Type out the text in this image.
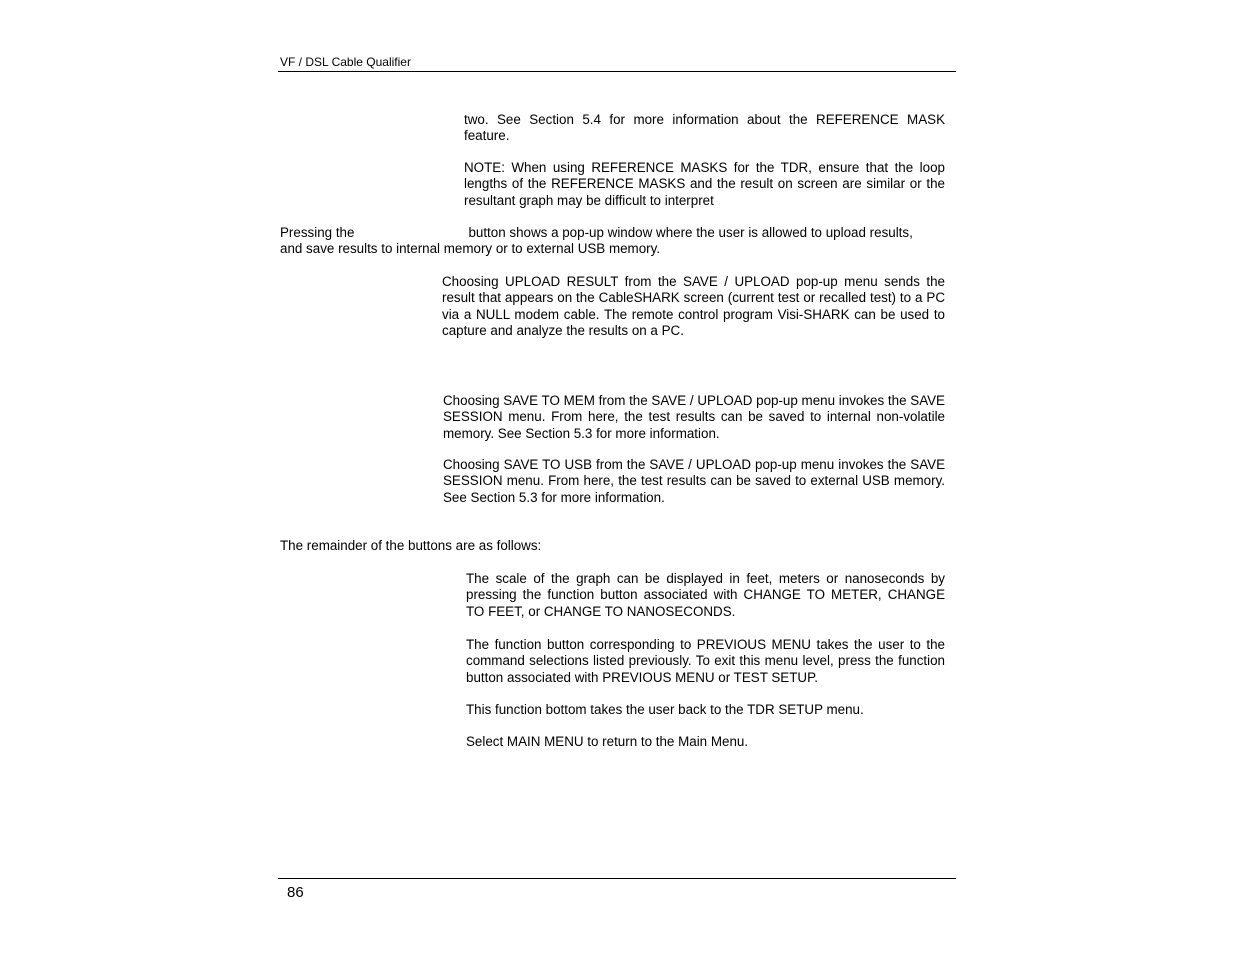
VF / DSL Cable Qualifier

two. See Section 5.4 for more information about the REFERENCE MASK feature.

NOTE: When using REFERENCE MASKS for the TDR, ensure that the loop lengths of the REFERENCE MASKS and the result on screen are similar or the resultant graph may be difficult to interpret

Pressing the	button shows a pop-up window where the user is allowed to upload results,
and save results to internal memory or to external USB memory.

Choosing UPLOAD RESULT from the SAVE / UPLOAD pop-up menu sends the result that appears on the CableSHARK screen (current test or recalled test) to a PC via a NULL modem cable. The remote control program Visi-SHARK can be used to capture and analyze the results on a PC.

Choosing SAVE TO MEM from the SAVE / UPLOAD pop-up menu invokes the SAVE SESSION menu. From here, the test results can be saved to internal non-volatile memory. See Section 5.3 for more information.

Choosing SAVE TO USB from the SAVE / UPLOAD pop-up menu invokes the SAVE SESSION menu. From here, the test results can be saved to external USB memory. See Section 5.3 for more information.

The remainder of the buttons are as follows:

The scale of the graph can be displayed in feet, meters or nanoseconds by pressing the function button associated with CHANGE TO METER, CHANGE TO FEET, or CHANGE TO NANOSECONDS.

The function button corresponding to PREVIOUS MENU takes the user to the command selections listed previously. To exit this menu level, press the function button associated with PREVIOUS MENU or TEST SETUP.

This function bottom takes the user back to the TDR SETUP menu.

Select MAIN MENU to return to the Main Menu.

86
